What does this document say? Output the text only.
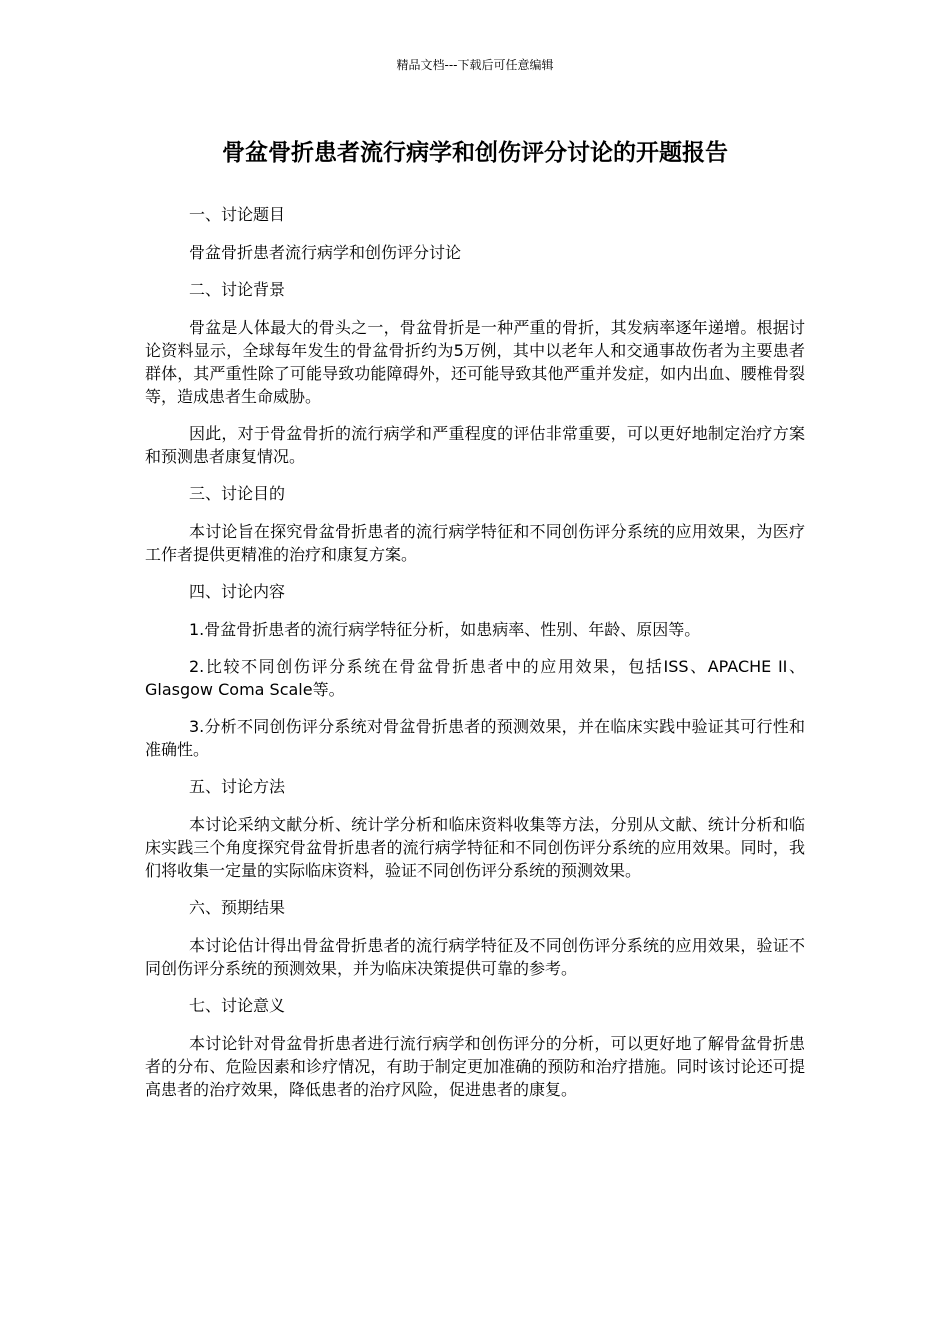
精品文档---下载后可任意编辑
骨盆骨折患者流行病学和创伤评分讨论的开题报告

一、讨论题目

骨盆骨折患者流行病学和创伤评分讨论

二、讨论背景

骨盆是人体最大的骨头之一，骨盆骨折是一种严重的骨折，其发病率逐年递增。根据讨论资料显示，全球每年发生的骨盆骨折约为5万例，其中以老年人和交通事故伤者为主要患者群体，其严重性除了可能导致功能障碍外，还可能导致其他严重并发症，如内出血、腰椎骨裂等，造成患者生命威胁。

因此，对于骨盆骨折的流行病学和严重程度的评估非常重要，可以更好地制定治疗方案和预测患者康复情况。

三、讨论目的

本讨论旨在探究骨盆骨折患者的流行病学特征和不同创伤评分系统的应用效果，为医疗工作者提供更精准的治疗和康复方案。

四、讨论内容

1.骨盆骨折患者的流行病学特征分析，如患病率、性别、年龄、原因等。

2.比较不同创伤评分系统在骨盆骨折患者中的应用效果，包括ISS、APACHE II、Glasgow Coma Scale等。

3.分析不同创伤评分系统对骨盆骨折患者的预测效果，并在临床实践中验证其可行性和准确性。

五、讨论方法

本讨论采纳文献分析、统计学分析和临床资料收集等方法，分别从文献、统计分析和临床实践三个角度探究骨盆骨折患者的流行病学特征和不同创伤评分系统的应用效果。同时，我们将收集一定量的实际临床资料，验证不同创伤评分系统的预测效果。

六、预期结果

本讨论估计得出骨盆骨折患者的流行病学特征及不同创伤评分系统的应用效果，验证不同创伤评分系统的预测效果，并为临床决策提供可靠的参考。

七、讨论意义

本讨论针对骨盆骨折患者进行流行病学和创伤评分的分析，可以更好地了解骨盆骨折患者的分布、危险因素和诊疗情况，有助于制定更加准确的预防和治疗措施。同时该讨论还可提高患者的治疗效果，降低患者的治疗风险，促进患者的康复。
